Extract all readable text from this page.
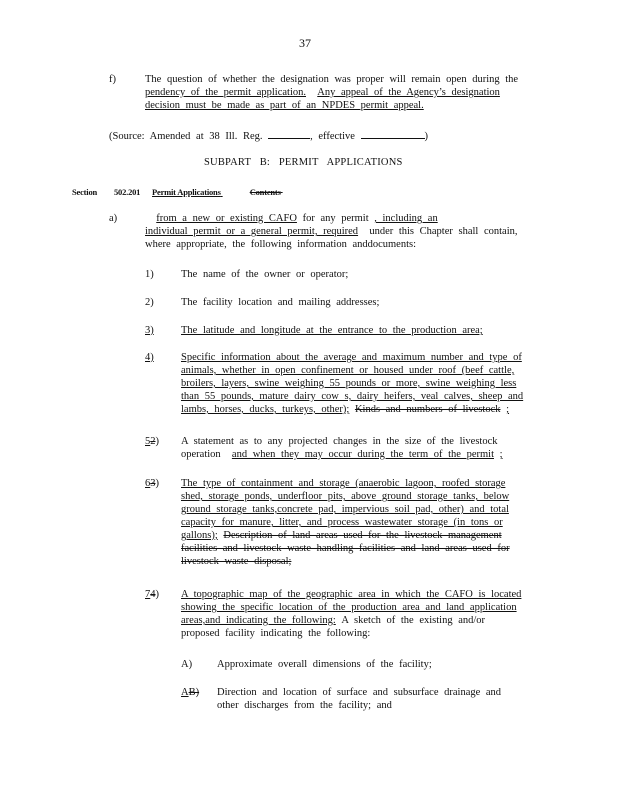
37
f)	The question of whether the designation was proper will remain open during the
pendency of the permit application. Any appeal of the Agency’s designation
decision must be made as part of an NPDES permit appeal.
(Source: Amended at 38 Ill. Reg.	, effective	)
SUBPART B: PERMIT APPLICATIONS
Section 502.201 Permit Applications	Contents
a)	from a new or existing CAFO for any permit , including an
individual permit or a general permit, required under this Chapter shall contain,
where appropriate, the following information anddocuments:
1)	The name of the owner or operator;
2)	The facility location and mailing addresses;
3)	The latitude and longitude at the entrance to the production area;
4)	Specific information about the average and maximum number and type of
animals, whether in open confinement or housed under roof (beef cattle,
broilers, layers, swine weighing 55 pounds or more, swine weighing less
than 55 pounds, mature dairy cow s, dairy heifers, veal calves, sheep and
lambs, horses, ducks, turkeys, other); Kinds and numbers of livestock ;
52) A statement as to any projected changes in the size of the livestock
operation and when they may occur during the term of the permit ;
63) The type of containment and storage (anaerobic lagoon, roofed storage
shed, storage ponds, underfloor pits, above ground storage tanks, below
ground storage tanks,concrete pad, impervious soil pad, other) and total
capacity for manure, litter, and process wastewater storage (in tons or
gallons); Description of land areas used for the livestock management
facilities and livestock waste handling facilities and land areas used for
livestock waste disposal;
74) A topographic map of the geographic area in which the CAFO is located
showing the specific location of the production area and land application
areas,and indicating the following: A sketch of the existing and/or
proposed facility indicating the following:
A) Approximate overall dimensions of the facility;
AB) Direction and location of surface and subsurface drainage and
other discharges from the facility; and
